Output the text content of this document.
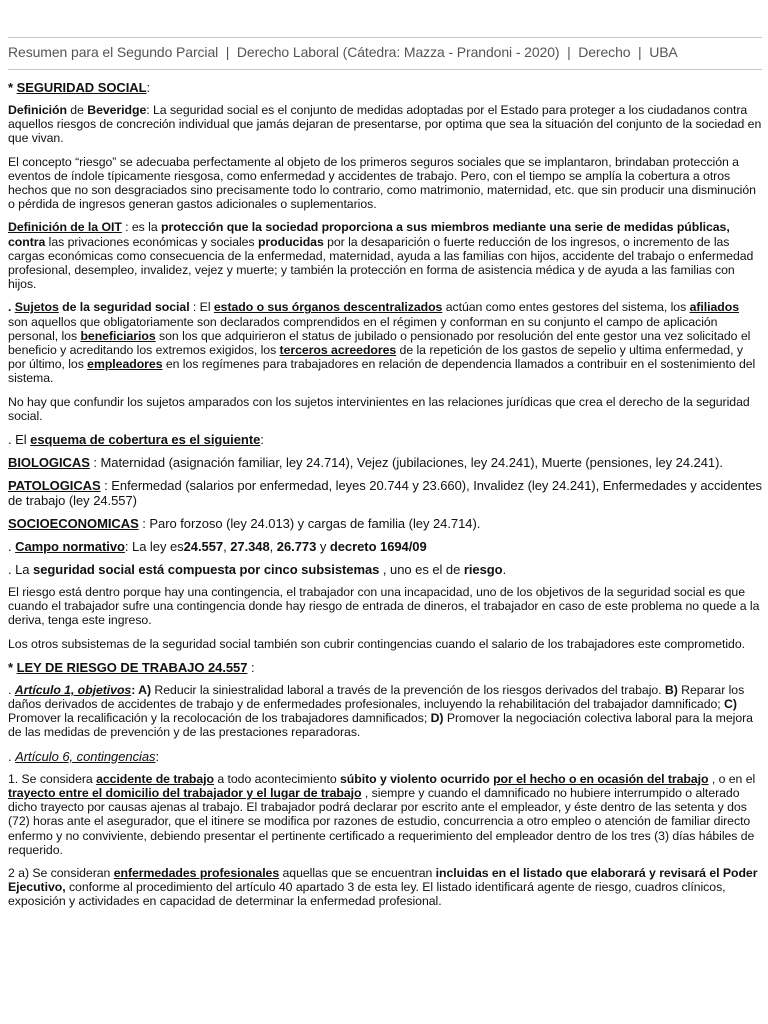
Resumen para el Segundo Parcial | Derecho Laboral (Cátedra: Mazza - Prandoni - 2020) | Derecho | UBA

* SEGURIDAD SOCIAL:

Definición de Beveridge: La seguridad social es el conjunto de medidas adoptadas por el Estado para proteger a los ciudadanos contra aquellos riesgos de concreción individual que jamás dejaran de presentarse, por optima que sea la situación del conjunto de la sociedad en que vivan.

El concepto “riesgo” se adecuaba perfectamente al objeto de los primeros seguros sociales que se implantaron, brindaban protección a eventos de índole típicamente riesgosa, como enfermedad y accidentes de trabajo. Pero, con el tiempo se amplía la cobertura a otros hechos que no son desgraciados sino precisamente todo lo contrario, como matrimonio, maternidad, etc. que sin producir una disminución o pérdida de ingresos generan gastos adicionales o suplementarios.

Definición de la OIT : es la protección que la sociedad proporciona a sus miembros mediante una serie de medidas públicas, contra las privaciones económicas y sociales producidas por la desaparición o fuerte reducción de los ingresos, o incremento de las cargas económicas como consecuencia de la enfermedad, maternidad, ayuda a las familias con hijos, accidente del trabajo o enfermedad profesional, desempleo, invalidez, vejez y muerte; y también la protección en forma de asistencia médica y de ayuda a las familias con hijos.

. Sujetos de la seguridad social : El estado o sus órganos descentralizados actúan como entes gestores del sistema, los afiliados son aquellos que obligatoriamente son declarados comprendidos en el régimen y conforman en su conjunto el campo de aplicación personal, los beneficiarios son los que adquirieron el status de jubilado o pensionado por resolución del ente gestor una vez solicitado el beneficio y acreditando los extremos exigidos, los terceros acreedores de la repetición de los gastos de sepelio y ultima enfermedad, y por último, los empleadores en los regímenes para trabajadores en relación de dependencia llamados a contribuir en el sostenimiento del sistema.

No hay que confundir los sujetos amparados con los sujetos intervinientes en las relaciones jurídicas que crea el derecho de la seguridad social.

. El esquema de cobertura es el siguiente:

BIOLOGICAS : Maternidad (asignación familiar, ley 24.714), Vejez (jubilaciones, ley 24.241), Muerte (pensiones, ley 24.241).

PATOLOGICAS : Enfermedad (salarios por enfermedad, leyes 20.744 y 23.660), Invalidez (ley 24.241), Enfermedades y accidentes de trabajo (ley 24.557)

SOCIOECONOMICAS : Paro forzoso (ley 24.013) y cargas de familia (ley 24.714).

. Campo normativo: La ley es24.557, 27.348, 26.773 y decreto 1694/09

. La seguridad social está compuesta por cinco subsistemas , uno es el de riesgo.

El riesgo está dentro porque hay una contingencia, el trabajador con una incapacidad, uno de los objetivos de la seguridad social es que cuando el trabajador sufre una contingencia donde hay riesgo de entrada de dineros, el trabajador en caso de este problema no quede a la deriva, tenga este ingreso.

Los otros subsistemas de la seguridad social también son cubrir contingencias cuando el salario de los trabajadores este comprometido.

* LEY DE RIESGO DE TRABAJO 24.557 :

. Artículo 1, objetivos: A) Reducir la siniestralidad laboral a través de la prevención de los riesgos derivados del trabajo. B) Reparar los daños derivados de accidentes de trabajo y de enfermedades profesionales, incluyendo la rehabilitación del trabajador damnificado; C) Promover la recalificación y la recolocación de los trabajadores damnificados; D) Promover la negociación colectiva laboral para la mejora de las medidas de prevención y de las prestaciones reparadoras.

. Artículo 6, contingencias:

1. Se considera accidente de trabajo a todo acontecimiento súbito y violento ocurrido por el hecho o en ocasión del trabajo , o en el trayecto entre el domicilio del trabajador y el lugar de trabajo , siempre y cuando el damnificado no hubiere interrumpido o alterado dicho trayecto por causas ajenas al trabajo. El trabajador podrá declarar por escrito ante el empleador, y éste dentro de las setenta y dos (72) horas ante el asegurador, que el itinere se modifica por razones de estudio, concurrencia a otro empleo o atención de familiar directo enfermo y no conviviente, debiendo presentar el pertinente certificado a requerimiento del empleador dentro de los tres (3) días hábiles de requerido.

2 a) Se consideran enfermedades profesionales aquellas que se encuentran incluidas en el listado que elaborará y revisará el Poder Ejecutivo, conforme al procedimiento del artículo 40 apartado 3 de esta ley. El listado identificará agente de riesgo, cuadros clínicos, exposición y actividades en capacidad de determinar la enfermedad profesional.
